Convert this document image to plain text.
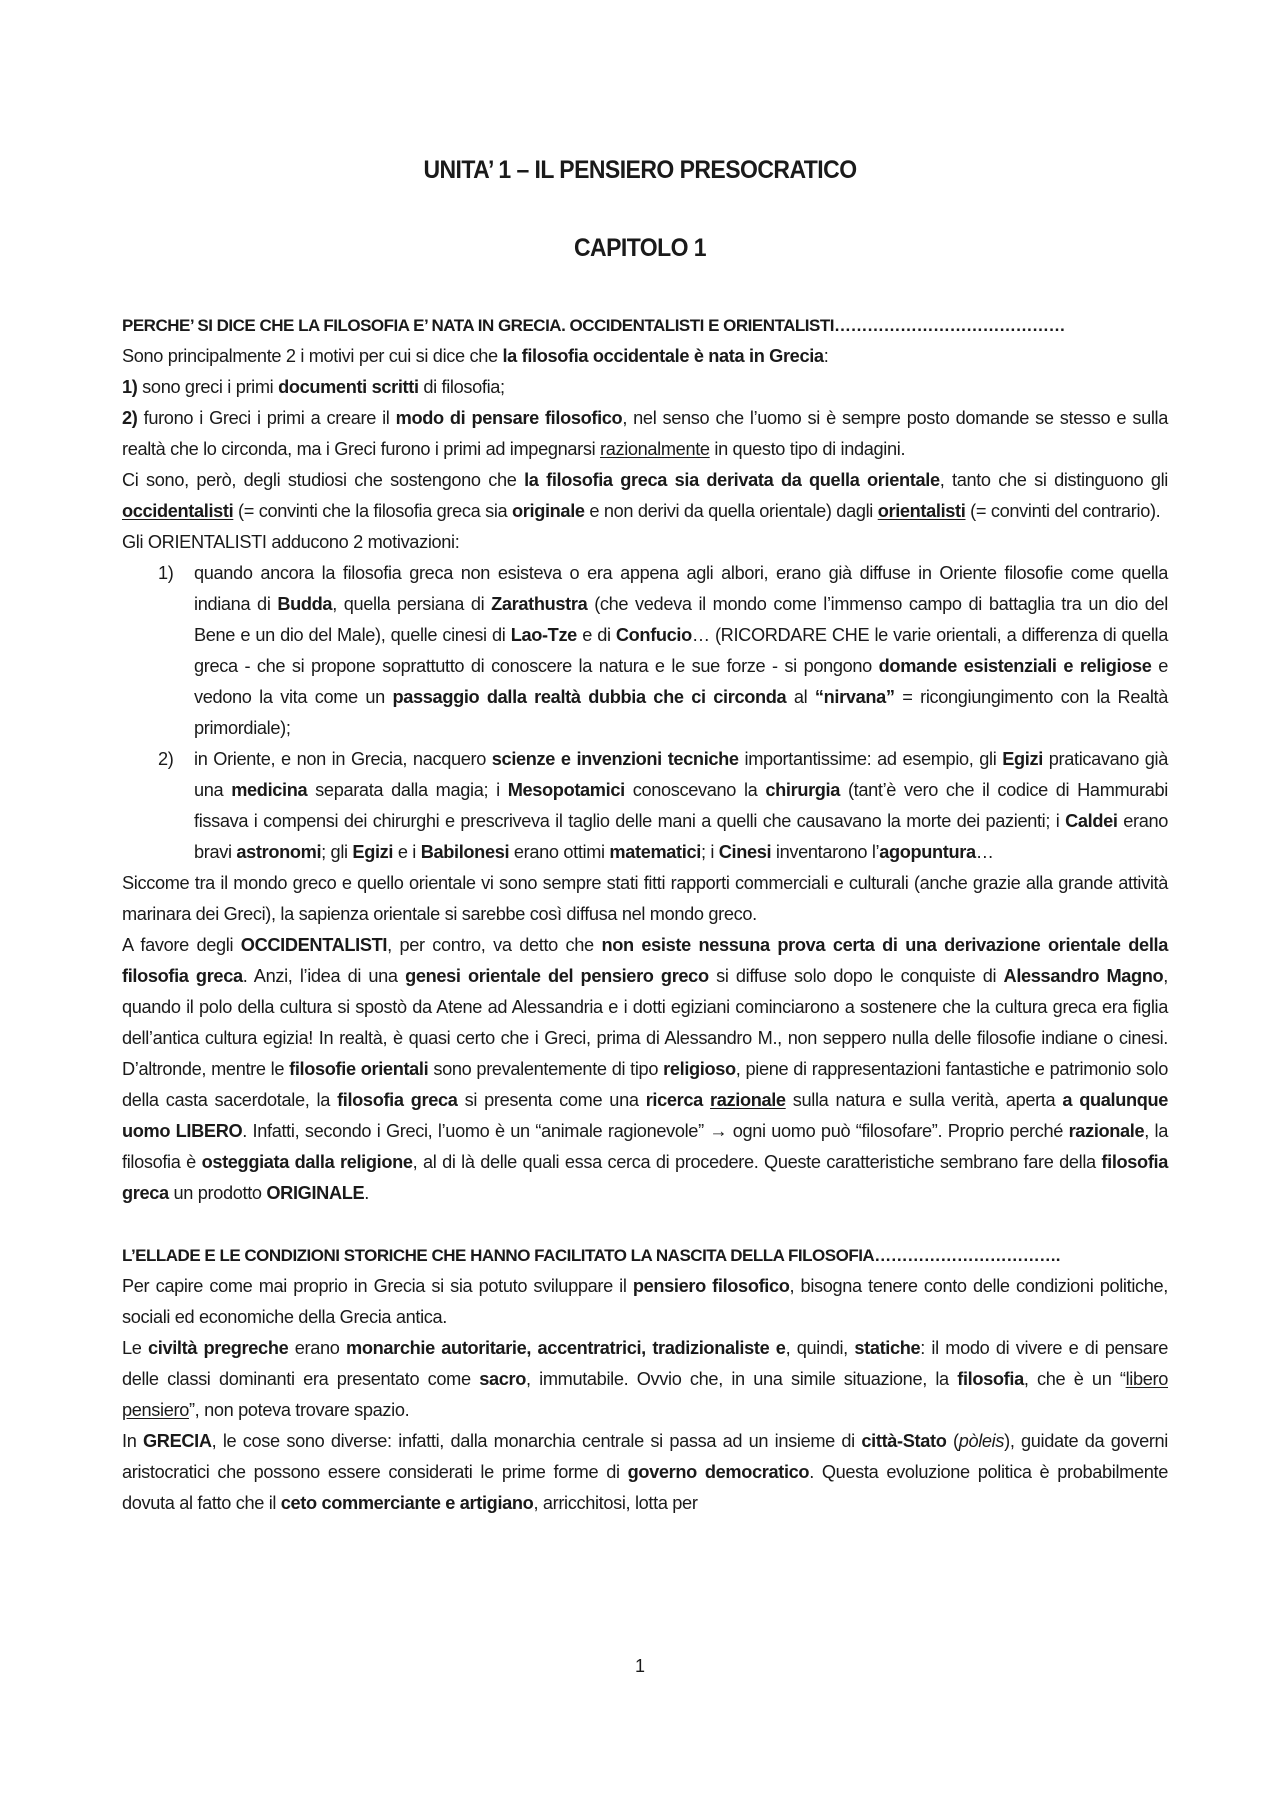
UNITA’ 1 – IL PENSIERO PRESOCRATICO
CAPITOLO 1
PERCHE’ SI DICE CHE LA FILOSOFIA E’ NATA IN GRECIA. OCCIDENTALISTI E ORIENTALISTI……………………………………

Sono principalmente 2 i motivi per cui si dice che la filosofia occidentale è nata in Grecia:

1) sono greci i primi documenti scritti di filosofia;

2) furono i Greci i primi a creare il modo di pensare filosofico, nel senso che l’uomo si è sempre posto domande se stesso e sulla realtà che lo circonda, ma i Greci furono i primi ad impegnarsi razionalmente in questo tipo di indagini.

Ci sono, però, degli studiosi che sostengono che la filosofia greca sia derivata da quella orientale, tanto che si distinguono gli occidentalisti (= convinti che la filosofia greca sia originale e non derivi da quella orientale) dagli orientalisti (= convinti del contrario).

Gli ORIENTALISTI adducono 2 motivazioni:

1)	quando ancora la filosofia greca non esisteva o era appena agli albori, erano già diffuse in Oriente filosofie come quella indiana di Budda, quella persiana di Zarathustra (che vedeva il mondo come l’immenso campo di battaglia tra un dio del Bene e un dio del Male), quelle cinesi di Lao-Tze e di Confucio… (RICORDARE CHE le varie orientali, a differenza di quella greca - che si propone soprattutto di conoscere la natura e le sue forze - si pongono domande esistenziali e religiose e vedono la vita come un passaggio dalla realtà dubbia che ci circonda al “nirvana” = ricongiungimento con la Realtà primordiale);

2)	in Oriente, e non in Grecia, nacquero scienze e invenzioni tecniche importantissime: ad esempio, gli Egizi praticavano già una medicina separata dalla magia; i Mesopotamici conoscevano la chirurgia (tant’è vero che il codice di Hammurabi fissava i compensi dei chirurghi e prescriveva il taglio delle mani a quelli che causavano la morte dei pazienti; i Caldei erano bravi astronomi; gli Egizi e i Babilonesi erano ottimi matematici; i Cinesi inventarono l’agopuntura…

Siccome tra il mondo greco e quello orientale vi sono sempre stati fitti rapporti commerciali e culturali (anche grazie alla grande attività marinara dei Greci), la sapienza orientale si sarebbe così diffusa nel mondo greco.

A favore degli OCCIDENTALISTI, per contro, va detto che non esiste nessuna prova certa di una derivazione orientale della filosofia greca. Anzi, l’idea di una genesi orientale del pensiero greco si diffuse solo dopo le conquiste di Alessandro Magno, quando il polo della cultura si spostò da Atene ad Alessandria e i dotti egiziani cominciarono a sostenere che la cultura greca era figlia dell’antica cultura egizia! In realtà, è quasi certo che i Greci, prima di Alessandro M., non seppero nulla delle filosofie indiane o cinesi. D’altronde, mentre le filosofie orientali sono prevalentemente di tipo religioso, piene di rappresentazioni fantastiche e patrimonio solo della casta sacerdotale, la filosofia greca si presenta come una ricerca razionale sulla natura e sulla verità, aperta a qualunque uomo LIBERO. Infatti, secondo i Greci, l’uomo è un “animale ragionevole” → ogni uomo può “filosofare”. Proprio perché razionale, la filosofia è osteggiata dalla religione, al di là delle quali essa cerca di procedere. Queste caratteristiche sembrano fare della filosofia greca un prodotto ORIGINALE.

L’ELLADE E LE CONDIZIONI STORICHE CHE HANNO FACILITATO LA NASCITA DELLA FILOSOFIA…………………………….

Per capire come mai proprio in Grecia si sia potuto sviluppare il pensiero filosofico, bisogna tenere conto delle condizioni politiche, sociali ed economiche della Grecia antica.

Le civiltà pregreche erano monarchie autoritarie, accentratrici, tradizionaliste e, quindi, statiche: il modo di vivere e di pensare delle classi dominanti era presentato come sacro, immutabile. Ovvio che, in una simile situazione, la filosofia, che è un “libero pensiero”, non poteva trovare spazio.

In GRECIA, le cose sono diverse: infatti, dalla monarchia centrale si passa ad un insieme di città-Stato (pòleis), guidate da governi aristocratici che possono essere considerati le prime forme di governo democratico. Questa evoluzione politica è probabilmente dovuta al fatto che il ceto commerciante e artigiano, arricchitosi, lotta per

1
